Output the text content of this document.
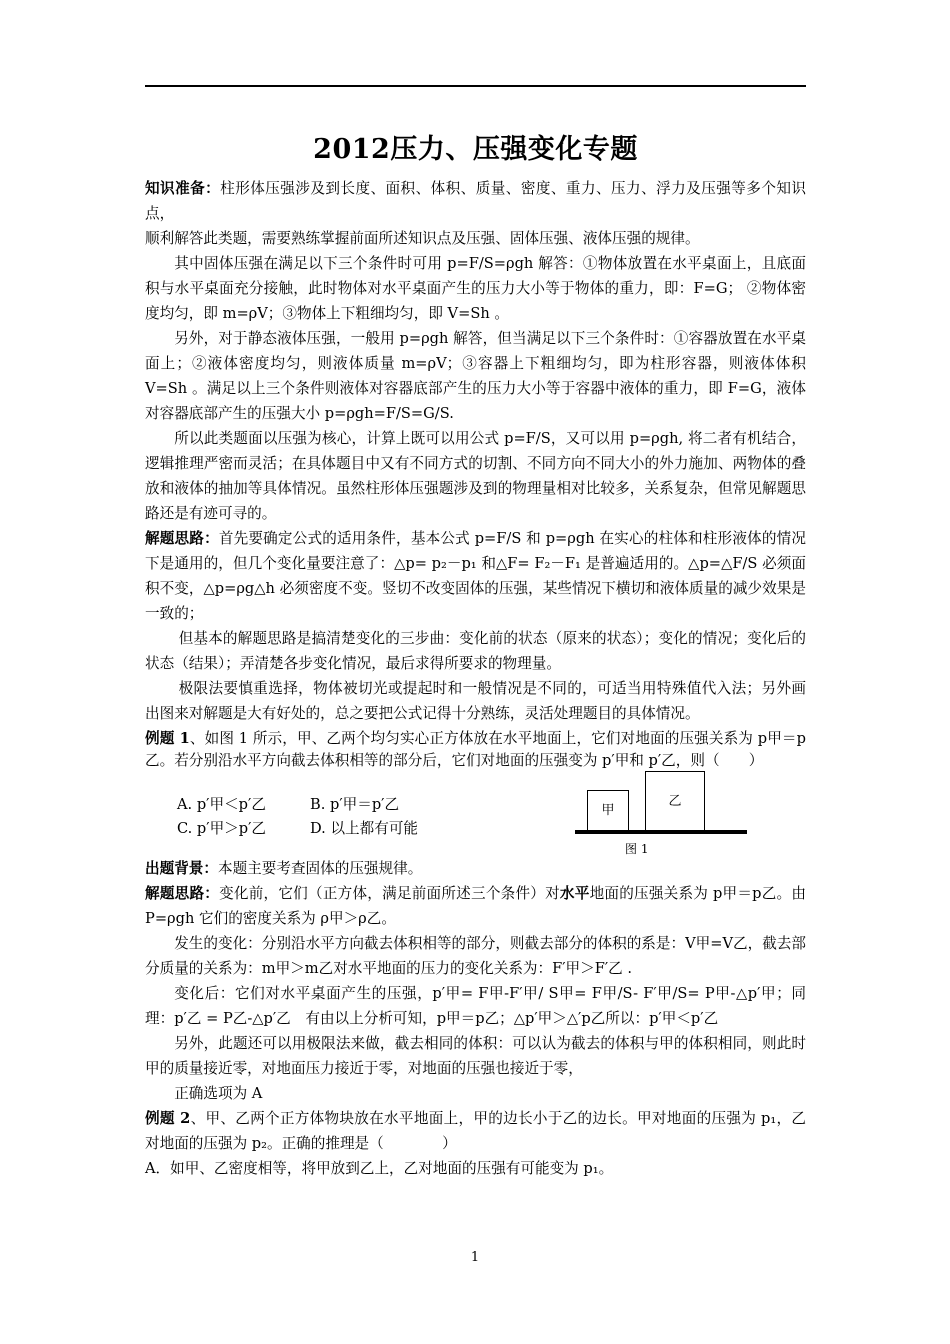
2012压力、压强变化专题

知识准备：柱形体压强涉及到长度、面积、体积、质量、密度、重力、压力、浮力及压强等多个知识点，

顺利解答此类题，需要熟练掌握前面所述知识点及压强、固体压强、液体压强的规律。

其中固体压强在满足以下三个条件时可用 p=F/S=ρgh 解答：①物体放置在水平桌面上，且底面积与水平桌面充分接触，此时物体对水平桌面产生的压力大小等于物体的重力，即：F=G； ②物体密度均匀，即 m=ρV；③物体上下粗细均匀，即 V=Sh 。

另外，对于静态液体压强，一般用 p=ρgh 解答，但当满足以下三个条件时：①容器放置在水平桌面上；②液体密度均匀，则液体质量 m=ρV；③容器上下粗细均匀，即为柱形容器，则液体体积 V=Sh 。满足以上三个条件则液体对容器底部产生的压力大小等于容器中液体的重力，即 F=G，液体对容器底部产生的压强大小 p=ρgh=F/S=G/S.

所以此类题面以压强为核心，计算上既可以用公式 p=F/S，又可以用 p=ρgh, 将二者有机结合，逻辑推理严密而灵活；在具体题目中又有不同方式的切割、不同方向不同大小的外力施加、两物体的叠放和液体的抽加等具体情况。虽然柱形体压强题涉及到的物理量相对比较多，关系复杂，但常见解题思路还是有迹可寻的。

解题思路：首先要确定公式的适用条件，基本公式 p=F/S 和 p=ρgh 在实心的柱体和柱形液体的情况下是通用的，但几个变化量要注意了：△p= p₂－p₁ 和△F= F₂－F₁ 是普遍适用的。△p=△F/S 必须面积不变，△p=ρg△h 必须密度不变。竖切不改变固体的压强，某些情况下横切和液体质量的减少效果是一致的；

但基本的解题思路是搞清楚变化的三步曲：变化前的状态（原来的状态）；变化的情况；变化后的状态（结果）；弄清楚各步变化情况，最后求得所要求的物理量。

极限法要慎重选择，物体被切光或提起时和一般情况是不同的，可适当用特殊值代入法；另外画出图来对解题是大有好处的，总之要把公式记得十分熟练，灵活处理题目的具体情况。

例题 1、如图 1 所示，甲、乙两个均匀实心正方体放在水平地面上，它们对地面的压强关系为 p甲＝p乙。若分别沿水平方向截去体积相等的部分后，它们对地面的压强变为 p′甲和 p′乙，则（　　）

A. p′甲＜p′乙	B. p′甲＝p′乙
C. p′甲＞p′乙	D. 以上都有可能
甲
乙
图 1

出题背景：本题主要考查固体的压强规律。

解题思路：变化前，它们（正方体，满足前面所述三个条件）对水平地面的压强关系为 p甲＝p乙。由 P=ρgh 它们的密度关系为 ρ甲＞ρ乙。

发生的变化：分别沿水平方向截去体积相等的部分，则截去部分的体积的系是：V甲=V乙，截去部分质量的关系为：m甲＞m乙对水平地面的压力的变化关系为：F′甲＞F′乙 .

变化后：它们对水平桌面产生的压强，p′甲= F甲-F′甲/ S甲= F甲/S- F′甲/S= P甲-△p′甲；同理：p′乙 = P乙-△p′乙　有由以上分析可知，p甲＝p乙；△p′甲＞△′p乙所以：p′甲＜p′乙

另外，此题还可以用极限法来做，截去相同的体积：可以认为截去的体积与甲的体积相同，则此时甲的质量接近零，对地面压力接近于零，对地面的压强也接近于零，

正确选项为 A

例题 2、甲、乙两个正方体物块放在水平地面上，甲的边长小于乙的边长。甲对地面的压强为 p₁，乙对地面的压强为 p₂。正确的推理是（　　　　）

A．如甲、乙密度相等，将甲放到乙上，乙对地面的压强有可能变为 p₁。

1
